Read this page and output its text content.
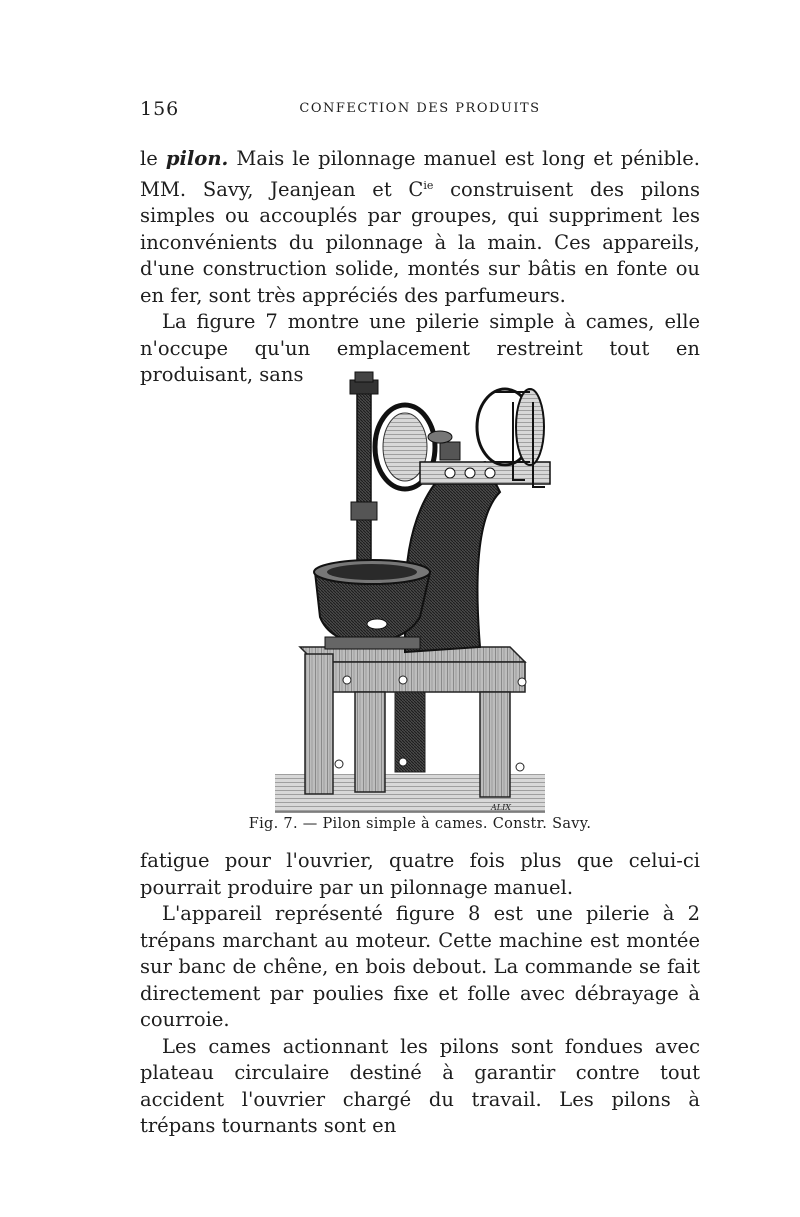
156	CONFECTION DES PRODUITS

le pilon. Mais le pilonnage manuel est long et pénible. MM. Savy, Jeanjean et $C^{ie}$ construisent des pilons simples ou accouplés par groupes, qui suppriment les inconvénients du pilonnage à la main. Ces appareils, d'une construction solide, montés sur bâtis en fonte ou en fer, sont très appréciés des parfumeurs.

La figure 7 montre une pilerie simple à cames, elle n'occupe qu'un emplacement restreint tout en produisant, sans

ALIX
Fig. 7. — Pilon simple à cames. Constr. Savy.

fatigue pour l'ouvrier, quatre fois plus que celui-ci pourrait produire par un pilonnage manuel.

L'appareil représenté figure 8 est une pilerie à 2 trépans marchant au moteur. Cette machine est montée sur banc de chêne, en bois debout. La commande se fait directement par poulies fixe et folle avec débrayage à courroie.

Les cames actionnant les pilons sont fondues avec plateau circulaire destiné à garantir contre tout accident l'ouvrier chargé du travail. Les pilons à trépans tournants sont en
